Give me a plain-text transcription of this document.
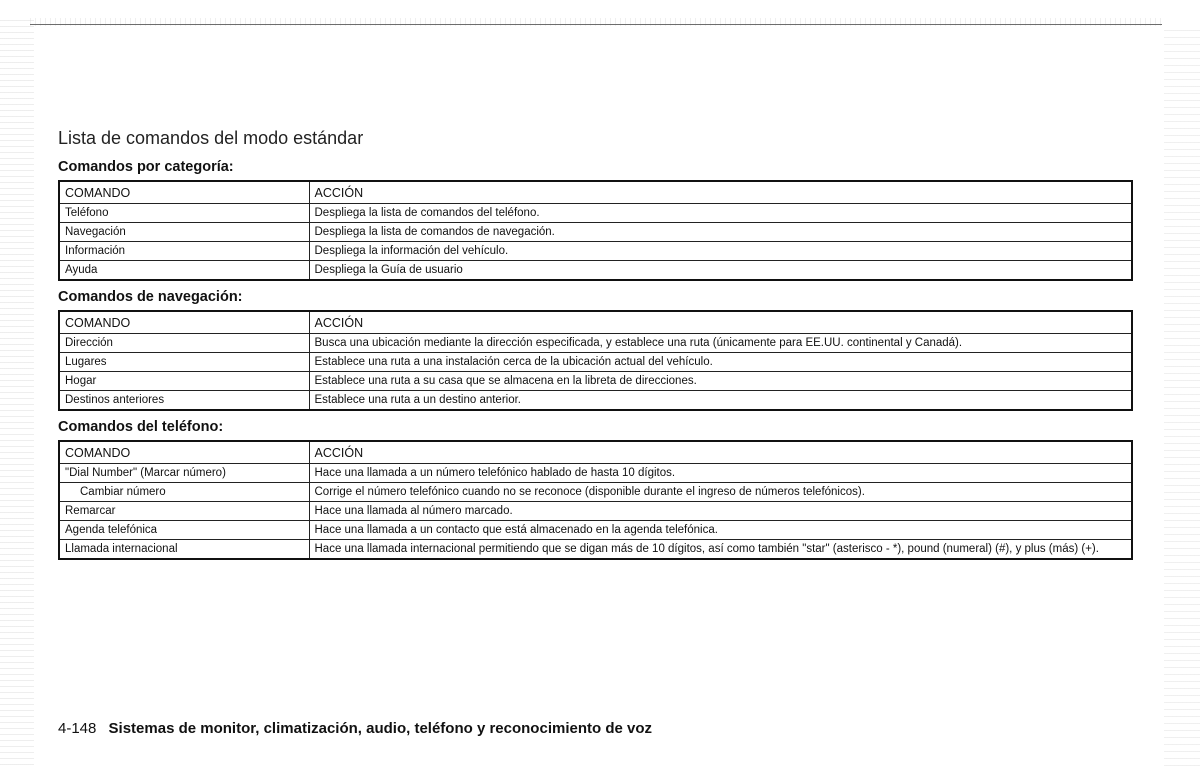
Lista de comandos del modo estándar
Comandos por categoría:
COMANDO	ACCIÓN
Teléfono	Despliega la lista de comandos del teléfono.
Navegación	Despliega la lista de comandos de navegación.
Información	Despliega la información del vehículo.
Ayuda	Despliega la Guía de usuario
Comandos de navegación:
COMANDO	ACCIÓN
Dirección	Busca una ubicación mediante la dirección especificada, y establece una ruta (únicamente para EE.UU. continental y Canadá).
Lugares	Establece una ruta a una instalación cerca de la ubicación actual del vehículo.
Hogar	Establece una ruta a su casa que se almacena en la libreta de direcciones.
Destinos anteriores	Establece una ruta a un destino anterior.
Comandos del teléfono:
COMANDO	ACCIÓN
"Dial Number" (Marcar número)	Hace una llamada a un número telefónico hablado de hasta 10 dígitos.
Cambiar número	Corrige el número telefónico cuando no se reconoce (disponible durante el ingreso de números telefónicos).
Remarcar	Hace una llamada al número marcado.
Agenda telefónica	Hace una llamada a un contacto que está almacenado en la agenda telefónica.
Llamada internacional	Hace una llamada internacional permitiendo que se digan más de 10 dígitos, así como también "star" (asterisco - *), pound (numeral) (#), y plus (más) (+).
4-148 Sistemas de monitor, climatización, audio, teléfono y reconocimiento de voz
